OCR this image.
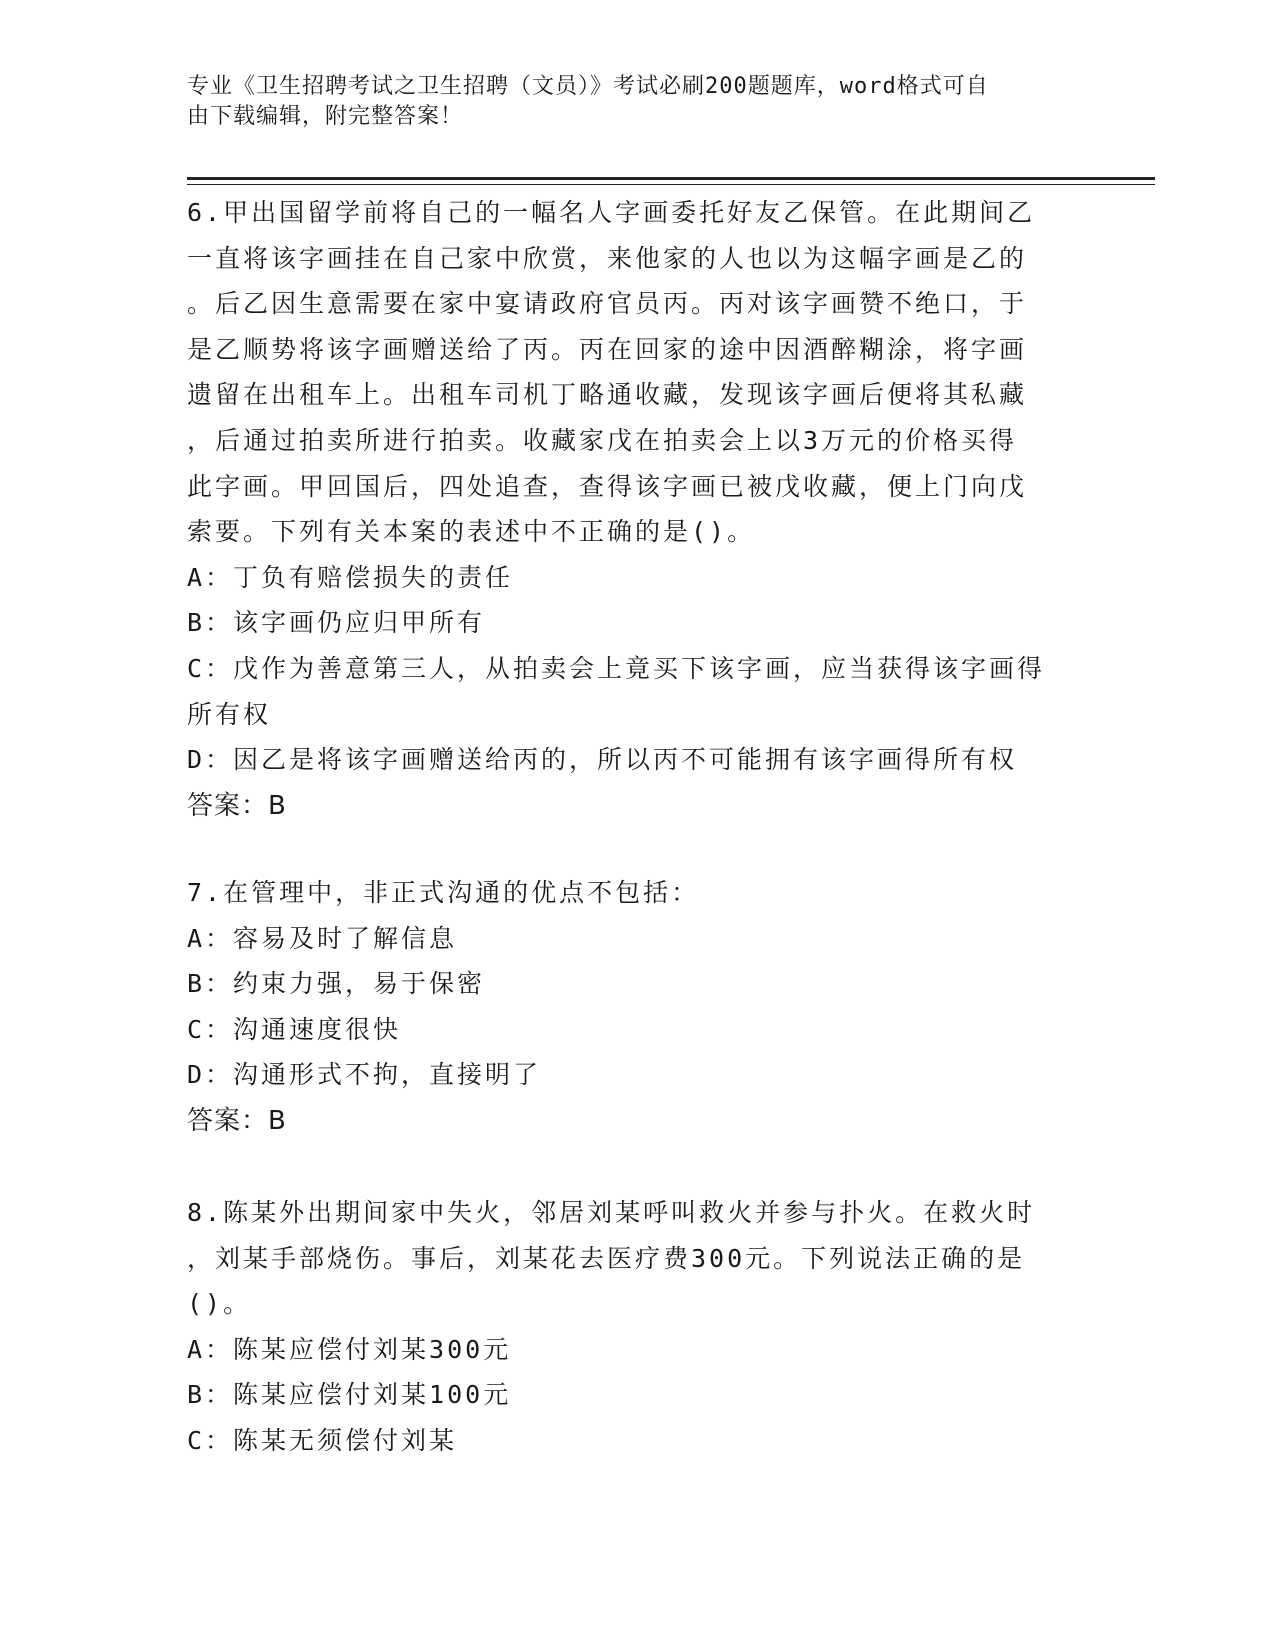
专业《卫生招聘考试之卫生招聘（文员）》考试必刷200题题库，word格式可自
由下载编辑，附完整答案！
6.甲出国留学前将自己的一幅名人字画委托好友乙保管。在此期间乙
一直将该字画挂在自己家中欣赏，来他家的人也以为这幅字画是乙的
。后乙因生意需要在家中宴请政府官员丙。丙对该字画赞不绝口，于
是乙顺势将该字画赠送给了丙。丙在回家的途中因酒醉糊涂，将字画
遗留在出租车上。出租车司机丁略通收藏，发现该字画后便将其私藏
，后通过拍卖所进行拍卖。收藏家戊在拍卖会上以3万元的价格买得
此字画。甲回国后，四处追查，查得该字画已被戊收藏，便上门向戊
索要。下列有关本案的表述中不正确的是()。
A：丁负有赔偿损失的责任
B：该字画仍应归甲所有
C：戊作为善意第三人，从拍卖会上竟买下该字画，应当获得该字画得
所有权
D：因乙是将该字画赠送给丙的，所以丙不可能拥有该字画得所有权
答案：B
7.在管理中，非正式沟通的优点不包括：
A：容易及时了解信息
B：约束力强，易于保密
C：沟通速度很快
D：沟通形式不拘，直接明了
答案：B
8.陈某外出期间家中失火，邻居刘某呼叫救火并参与扑火。在救火时
，刘某手部烧伤。事后，刘某花去医疗费300元。下列说法正确的是
()。
A：陈某应偿付刘某300元
B：陈某应偿付刘某100元
C：陈某无须偿付刘某
